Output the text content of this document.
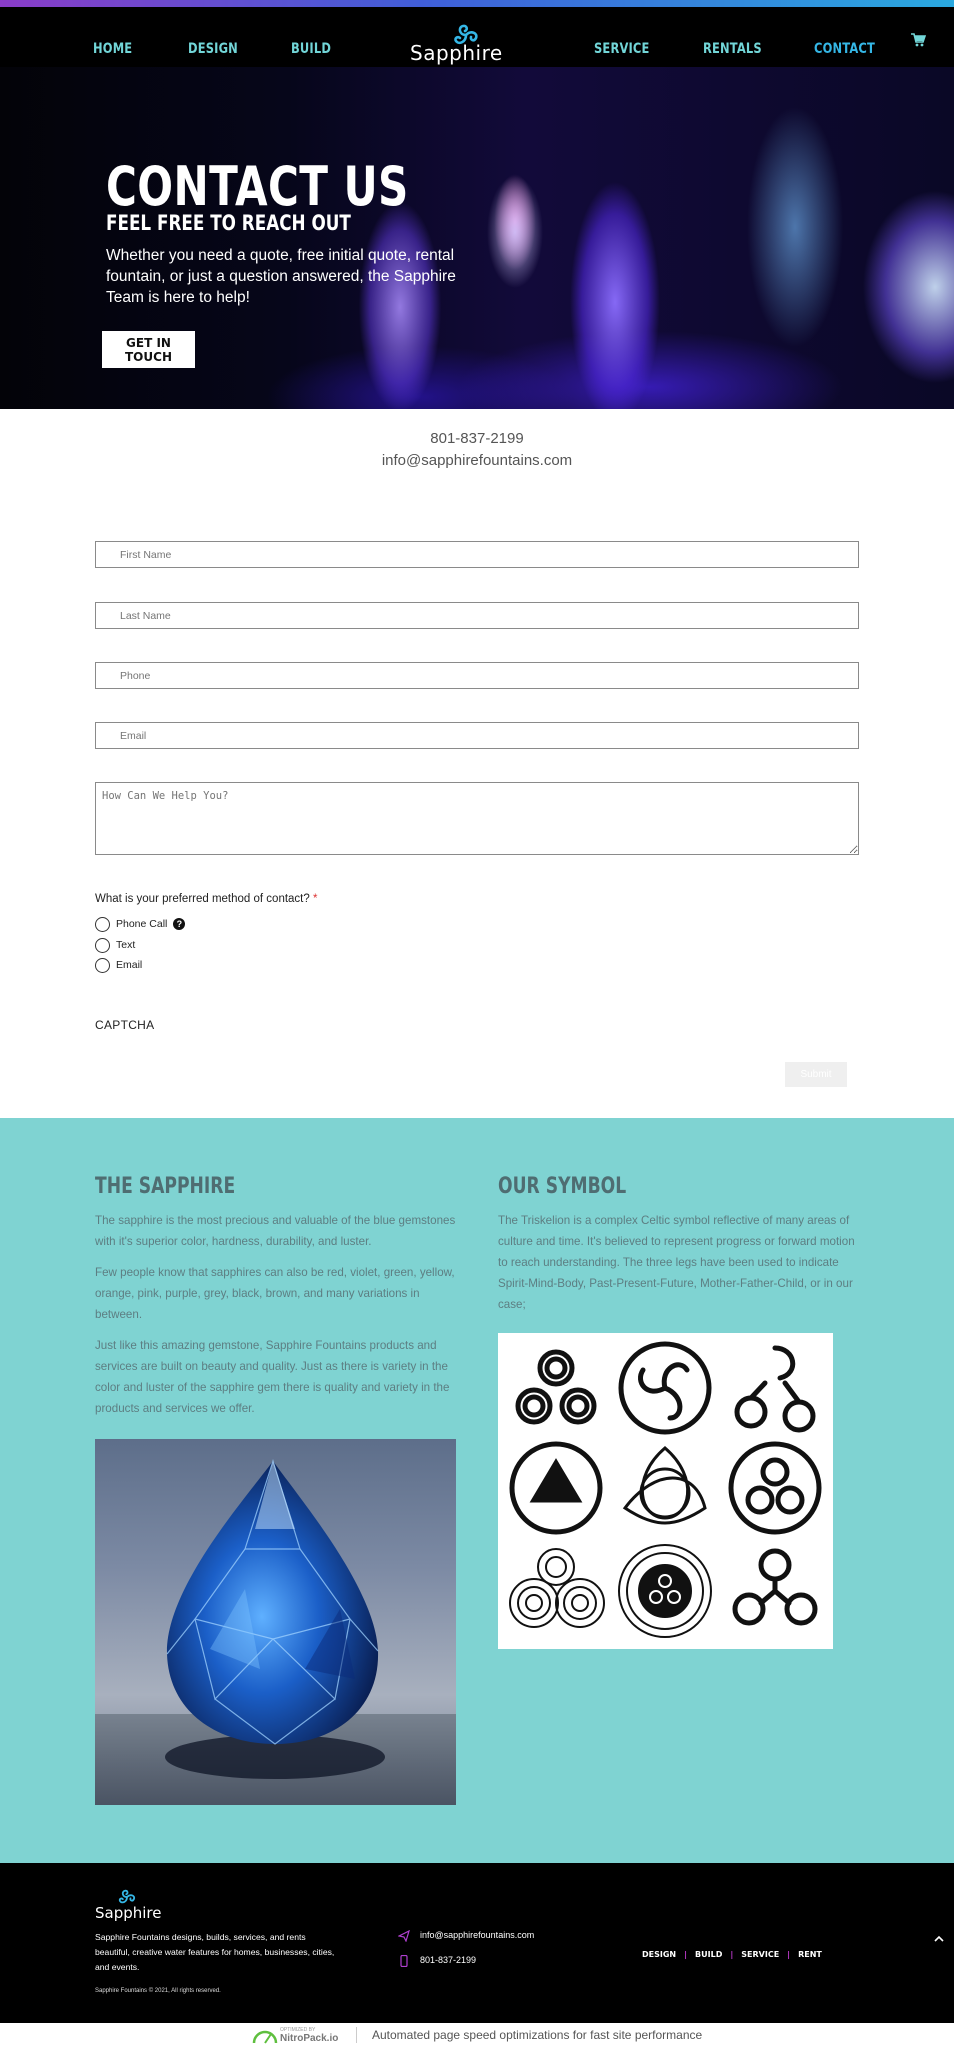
HOME	DESIGN	BUILD	Sapphire	SERVICE	RENTALS	CONTACT
CONTACT US
FEEL FREE TO REACH OUT
Whether you need a quote, free initial quote, rental fountain, or just a question answered, the Sapphire Team is here to help!
GET IN TOUCH
801-837-2199
info@sapphirefountains.com
First Name
Last Name
Phone
Email
How Can We Help You?
What is your preferred method of contact? *
Phone Call ?
Text
Email
CAPTCHA
Submit
THE SAPPHIRE
The sapphire is the most precious and valuable of the blue gemstones with it's superior color, hardness, durability, and luster.
Few people know that sapphires can also be red, violet, green, yellow, orange, pink, purple, grey, black, brown, and many variations in between.
Just like this amazing gemstone, Sapphire Fountains products and services are built on beauty and quality. Just as there is variety in the color and luster of the sapphire gem there is quality and variety in the products and services we offer.
OUR SYMBOL
The Triskelion is a complex Celtic symbol reflective of many areas of culture and time. It's believed to represent progress or forward motion to reach understanding. The three legs have been used to indicate Spirit-Mind-Body, Past-Present-Future, Mother-Father-Child, or in our case;
Sapphire
Sapphire Fountains designs, builds, services, and rents beautiful, creative water features for homes, businesses, cities, and events.
Sapphire Fountains © 2021, All rights reserved.
info@sapphirefountains.com
801-837-2199
DESIGN | BUILD | SERVICE | RENT
OPTIMIZED BY
NitroPack.io	Automated page speed optimizations for fast site performance
